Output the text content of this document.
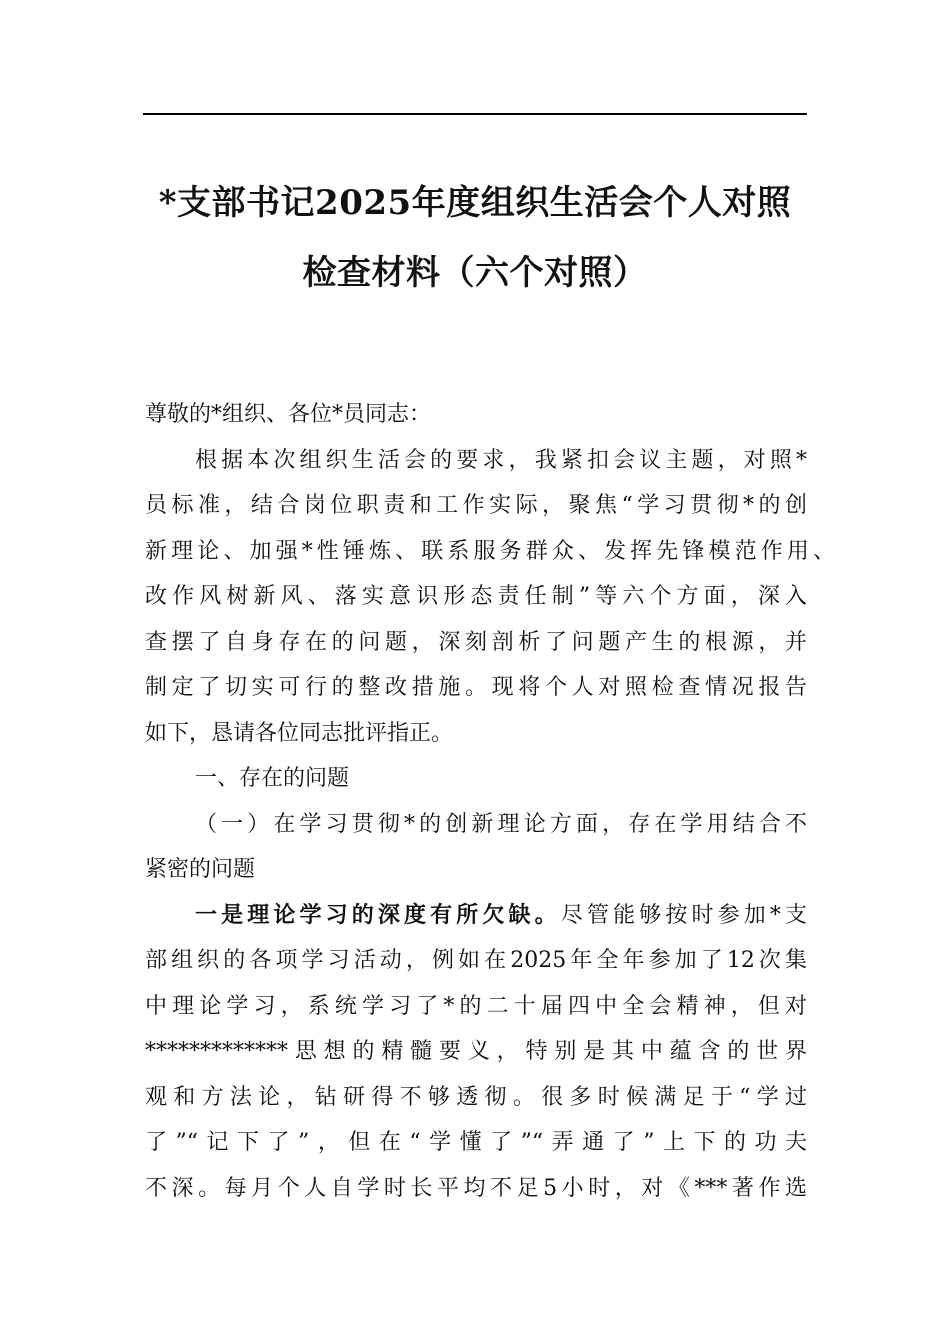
*支部书记2025年度组织生活会个人对照
检查材料（六个对照）
尊敬的*组织、各位*员同志：
根据本次组织生活会的要求，我紧扣会议主题，对照*
员标准，结合岗位职责和工作实际，聚焦“学习贯彻*的创
新理论、加强*性锤炼、联系服务群众、发挥先锋模范作用、
改作风树新风、落实意识形态责任制”等六个方面，深入
查摆了自身存在的问题，深刻剖析了问题产生的根源，并
制定了切实可行的整改措施。现将个人对照检查情况报告
如下，恳请各位同志批评指正。
一、存在的问题
（一）在学习贯彻*的创新理论方面，存在学用结合不
紧密的问题
一是理论学习的深度有所欠缺。尽管能够按时参加*支
部组织的各项学习活动，例如在2025年全年参加了12次集
中理论学习，系统学习了*的二十届四中全会精神，但对
*************思想的精髓要义，特别是其中蕴含的世界
观和方法论，钻研得不够透彻。很多时候满足于“学过
了”“记下了”，但在“学懂了”“弄通了”上下的功夫
不深。每月个人自学时长平均不足5小时，对《***著作选
